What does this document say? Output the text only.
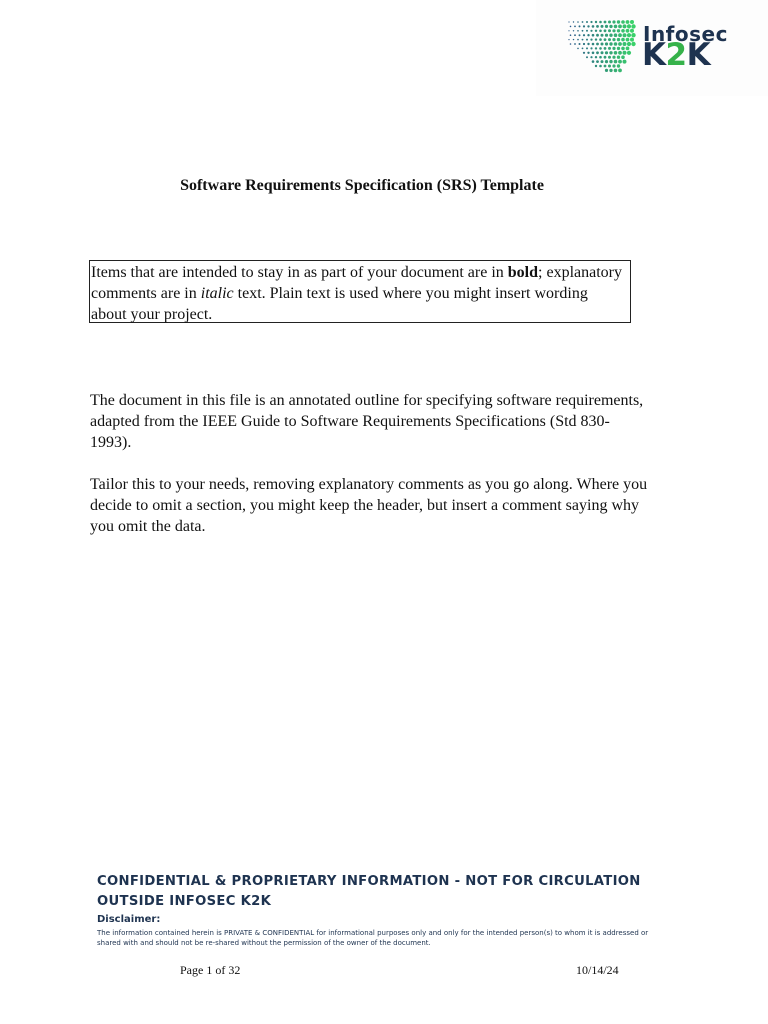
Infosec
K2K
Software Requirements Specification (SRS) Template
Items that are intended to stay in as part of your document are in bold; explanatory comments are in italic text. Plain text is used where you might insert wording about your project.

The document in this file is an annotated outline for specifying software requirements, adapted from the IEEE Guide to Software Requirements Specifications (Std 830-1993).

Tailor this to your needs, removing explanatory comments as you go along. Where you decide to omit a section, you might keep the header, but insert a comment saying why you omit the data.

CONFIDENTIAL & PROPRIETARY INFORMATION - NOT FOR CIRCULATION OUTSIDE INFOSEC K2K
Disclaimer:
The information contained herein is PRIVATE & CONFIDENTIAL for informational purposes only and only for the intended person(s) to whom it is addressed or shared with and should not be re-shared without the permission of the owner of the document.
Page 1 of 32	10/14/24
